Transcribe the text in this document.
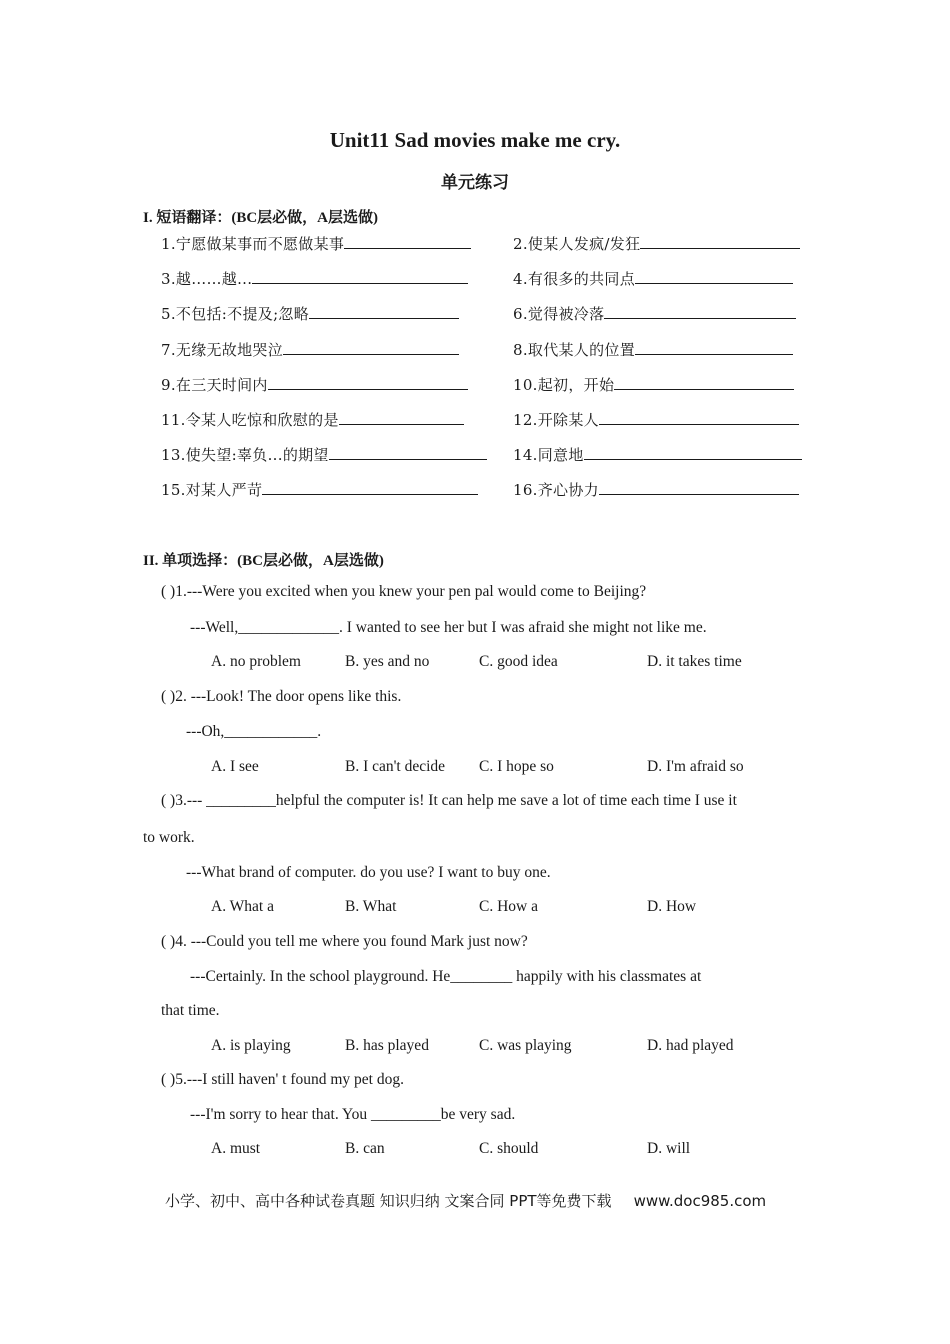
Unit11 Sad movies make me cry.
单元练习
I. 短语翻译：(BC层必做，A层选做)
1.宁愿做某事而不愿做某事	2.使某人发疯/发狂
3.越……越...	4.有很多的共同点
5.不包括:不提及;忽略	6.觉得被冷落
7.无缘无故地哭泣	8.取代某人的位置
9.在三天时间内	10.起初，开始
11.令某人吃惊和欣慰的是	12.开除某人
13.使失望:辜负...的期望	14.同意地
15.对某人严苛	16.齐心协力
II. 单项选择：(BC层必做，A层选做)
( )1.---Were you excited when you knew your pen pal would come to Beijing?
---Well,_____________. I wanted to see her but I was afraid she might not like me.
A. no problem	B. yes and no	C. good idea	D. it takes time
( )2. ---Look! The door opens like this.
---Oh,____________.
A. I see	B. I can't decide C. I hope so	D. I'm afraid so
( )3.--- _________helpful the computer is! It can help me save a lot of time each time I use it
to work.
---What brand of computer. do you use? I want to buy one.
A. What a	B. What	C. How a	D. How
( )4. ---Could you tell me where you found Mark just now?
---Certainly. In the school playground. He________ happily with his classmates at
that time.
A. is playing	B. has played	C. was playing	D. had played
( )5.---I still haven' t found my pet dog.
---I'm sorry to hear that. You _________be very sad.
A. must	B. can	C. should	D. will
小学、初中、高中各种试卷真题 知识归纳 文案合同 PPT等免费下载 www.doc985.com
